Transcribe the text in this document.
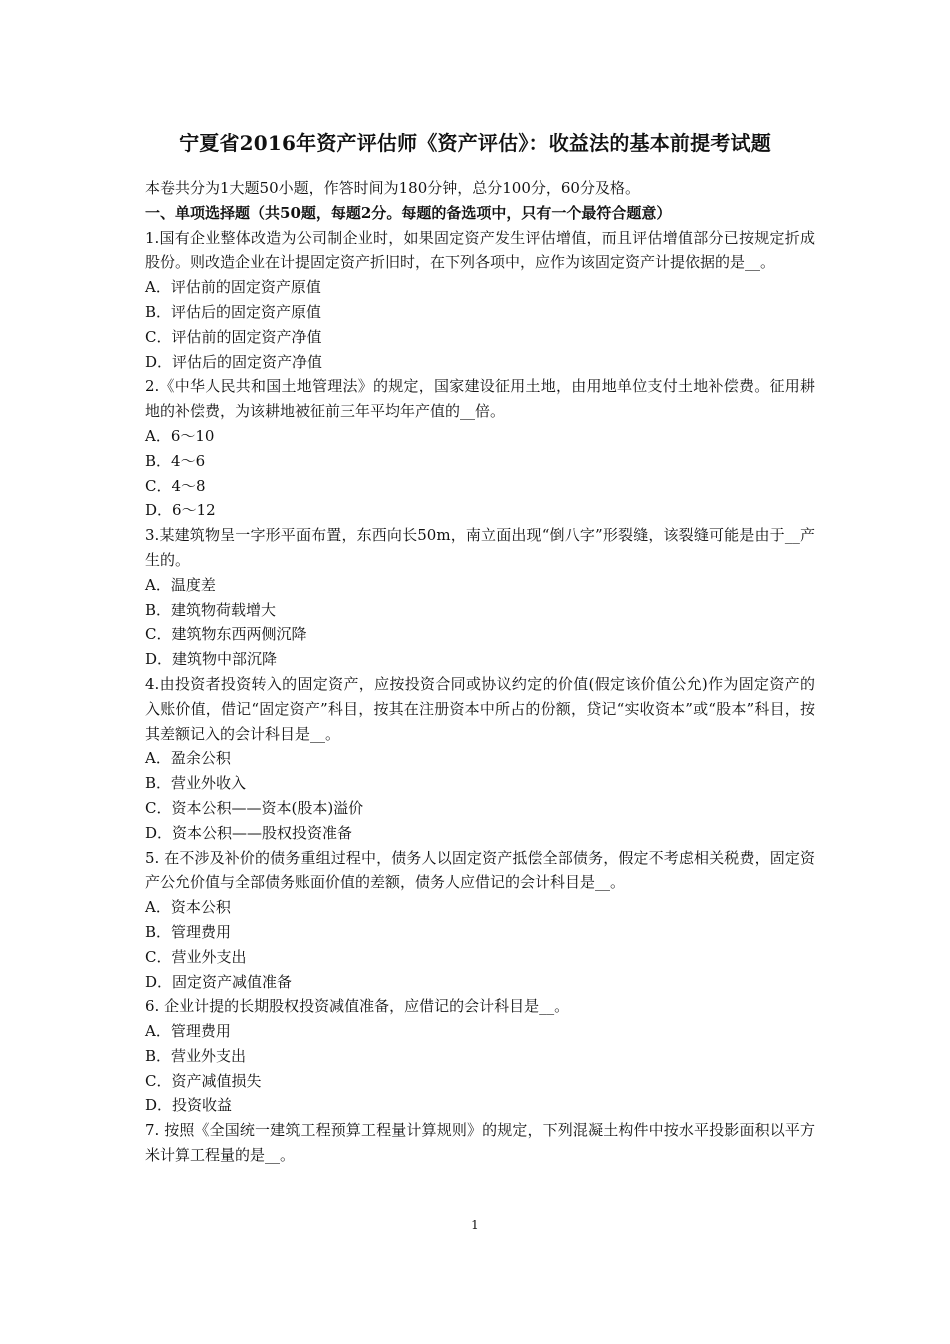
宁夏省2016年资产评估师《资产评估》：收益法的基本前提考试题
本卷共分为1大题50小题，作答时间为180分钟，总分100分，60分及格。
一、单项选择题（共50题，每题2分。每题的备选项中，只有一个最符合题意）
1.国有企业整体改造为公司制企业时，如果固定资产发生评估增值，而且评估增值部分已按规定折成股份。则改造企业在计提固定资产折旧时，在下列各项中，应作为该固定资产计提依据的是__。
A．评估前的固定资产原值
B．评估后的固定资产原值
C．评估前的固定资产净值
D．评估后的固定资产净值
2.《中华人民共和国土地管理法》的规定，国家建设征用土地，由用地单位支付土地补偿费。征用耕地的补偿费，为该耕地被征前三年平均年产值的__倍。
A．6～10
B．4～6
C．4～8
D．6～12
3.某建筑物呈一字形平面布置，东西向长50m，南立面出现“倒八字”形裂缝，该裂缝可能是由于__产生的。
A．温度差
B．建筑物荷载增大
C．建筑物东西两侧沉降
D．建筑物中部沉降
4.由投资者投资转入的固定资产，应按投资合同或协议约定的价值(假定该价值公允)作为固定资产的入账价值，借记“固定资产”科目，按其在注册资本中所占的份额，贷记“实收资本”或“股本”科目，按其差额记入的会计科目是__。
A．盈余公积
B．营业外收入
C．资本公积——资本(股本)溢价
D．资本公积——股权投资准备
5. 在不涉及补价的债务重组过程中，债务人以固定资产抵偿全部债务，假定不考虑相关税费，固定资产公允价值与全部债务账面价值的差额，债务人应借记的会计科目是__。
A．资本公积
B．管理费用
C．营业外支出
D．固定资产减值准备
6. 企业计提的长期股权投资减值准备，应借记的会计科目是__。
A．管理费用
B．营业外支出
C．资产减值损失
D．投资收益
7. 按照《全国统一建筑工程预算工程量计算规则》的规定，下列混凝土构件中按水平投影面积以平方米计算工程量的是__。
1
